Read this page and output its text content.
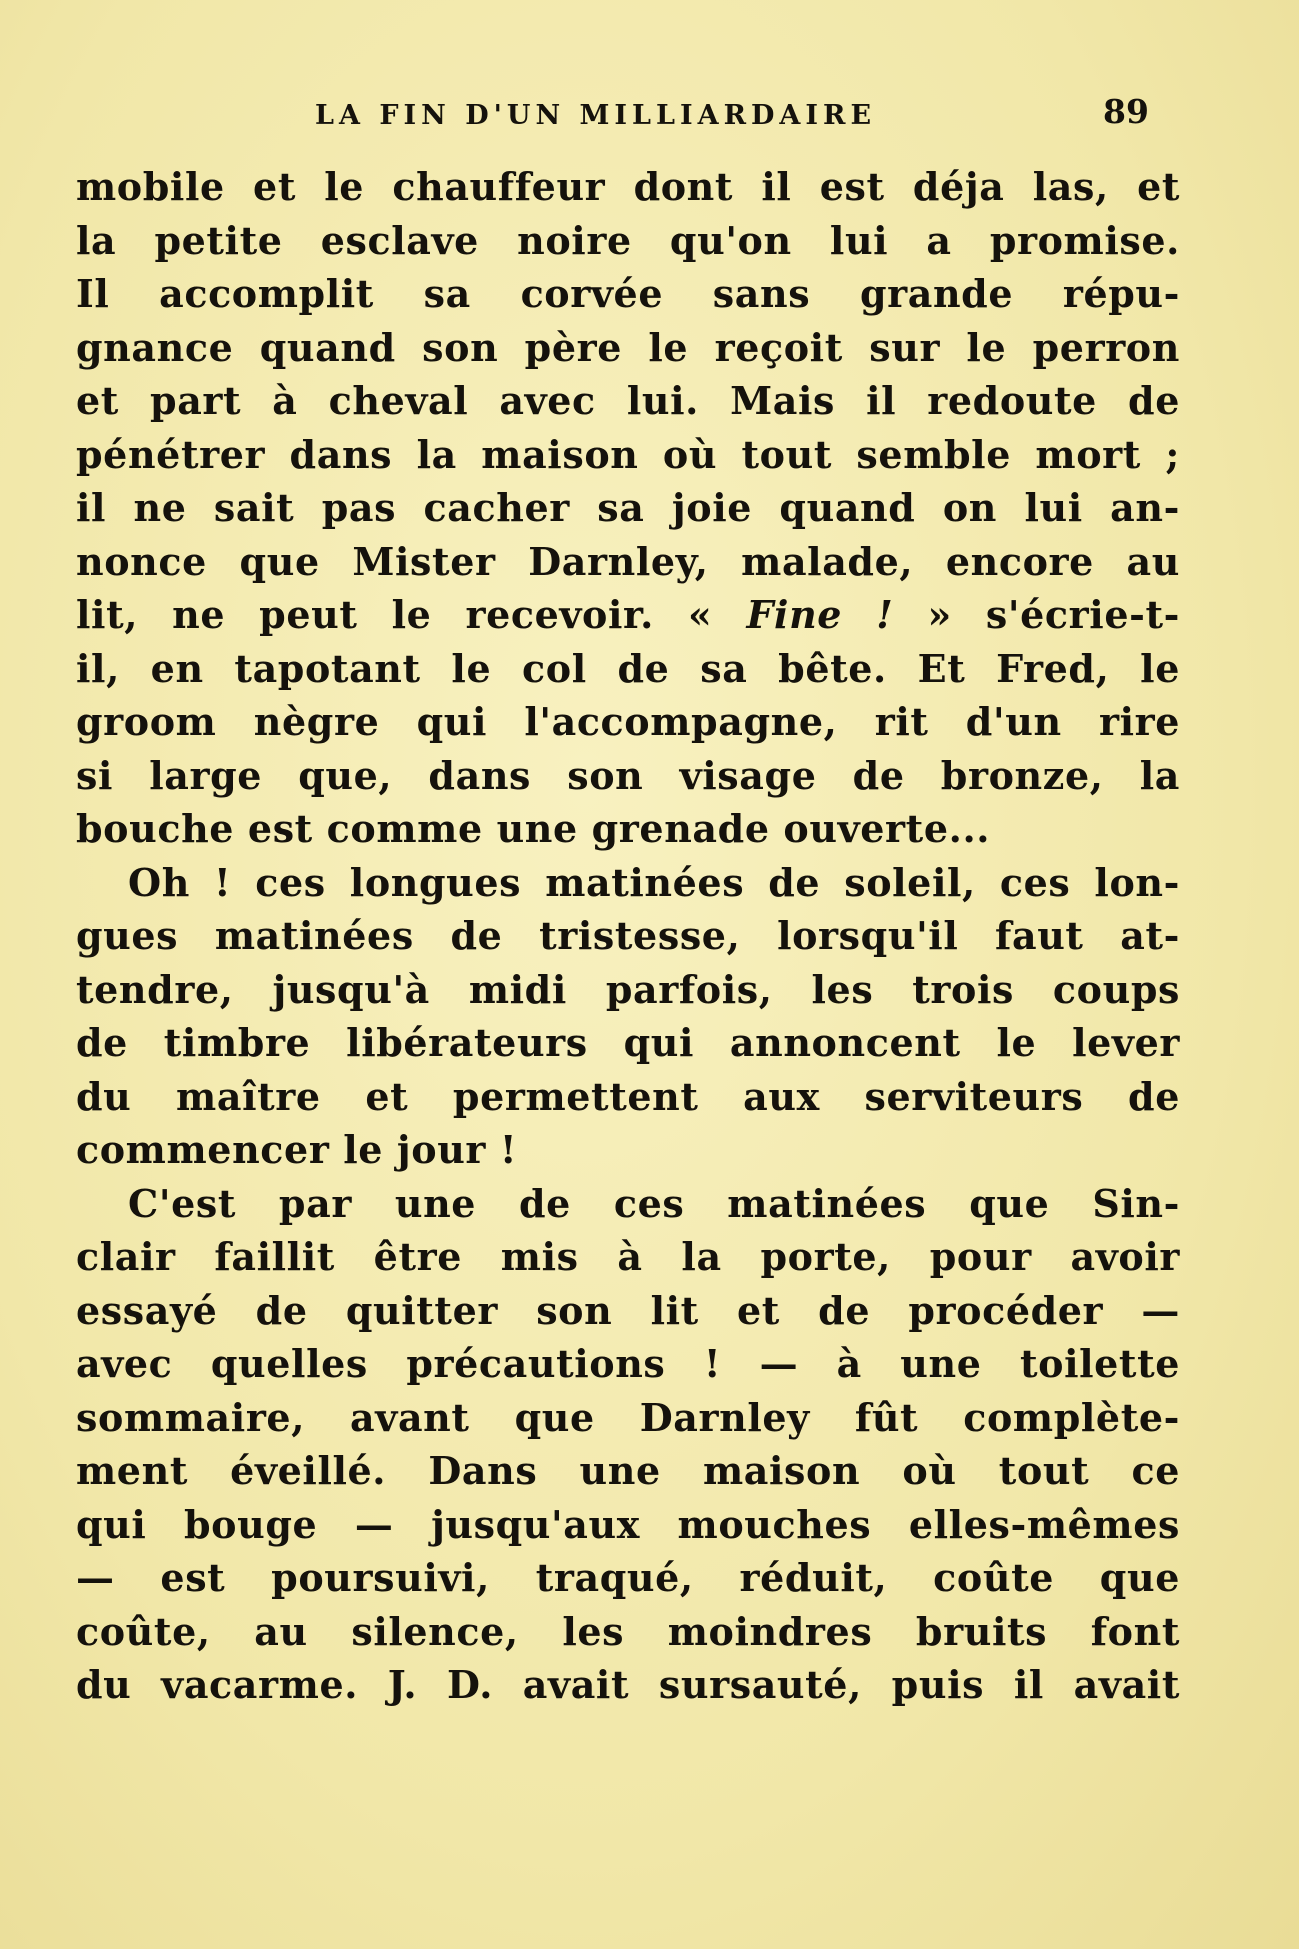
LA FIN D'UN MILLIARDAIRE	89
mobile et le chauffeur dont il est déja las, et
la petite esclave noire qu'on lui a promise.
Il accomplit sa corvée sans grande répu-
gnance quand son père le reçoit sur le perron
et part à cheval avec lui. Mais il redoute de
pénétrer dans la maison où tout semble mort ;
il ne sait pas cacher sa joie quand on lui an-
nonce que Mister Darnley, malade, encore au
lit, ne peut le recevoir. « Fine ! » s'écrie-t-
il, en tapotant le col de sa bête. Et Fred, le
groom nègre qui l'accompagne, rit d'un rire
si large que, dans son visage de bronze, la
bouche est comme une grenade ouverte...
Oh ! ces longues matinées de soleil, ces lon-
gues matinées de tristesse, lorsqu'il faut at-
tendre, jusqu'à midi parfois, les trois coups
de timbre libérateurs qui annoncent le lever
du maître et permettent aux serviteurs de
commencer le jour !
C'est par une de ces matinées que Sin-
clair faillit être mis à la porte, pour avoir
essayé de quitter son lit et de procéder —
avec quelles précautions ! — à une toilette
sommaire, avant que Darnley fût complète-
ment éveillé. Dans une maison où tout ce
qui bouge — jusqu'aux mouches elles-mêmes
— est poursuivi, traqué, réduit, coûte que
coûte, au silence, les moindres bruits font
du vacarme. J. D. avait sursauté, puis il avait
